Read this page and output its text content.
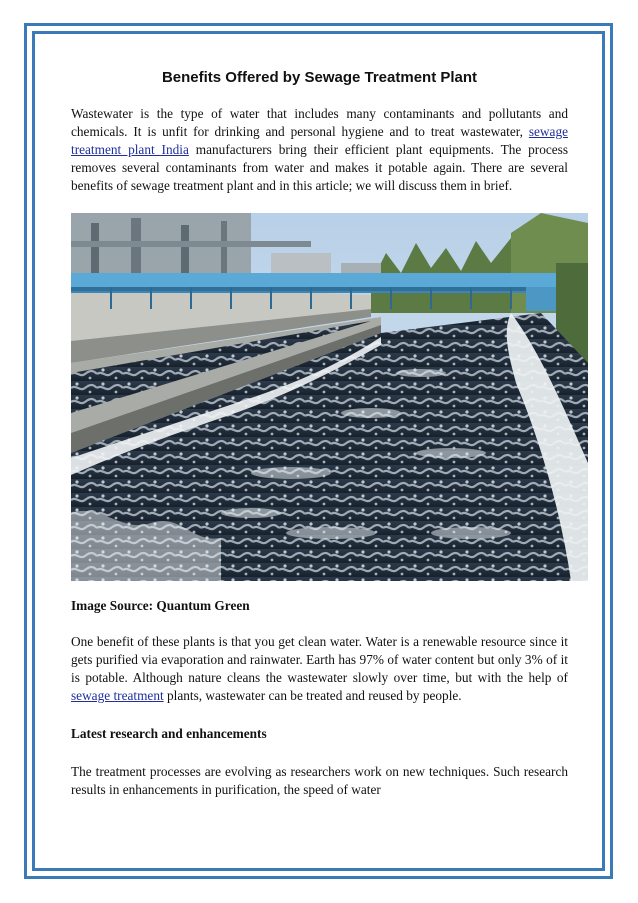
Benefits Offered by Sewage Treatment Plant

Wastewater is the type of water that includes many contaminants and pollutants and chemicals. It is unfit for drinking and personal hygiene and to treat wastewater, sewage treatment plant India manufacturers bring their efficient plant equipments. The process removes several contaminants from water and makes it potable again. There are several benefits of sewage treatment plant and in this article; we will discuss them in brief.

Image Source: Quantum Green

One benefit of these plants is that you get clean water. Water is a renewable resource since it gets purified via evaporation and rainwater. Earth has 97% of water content but only 3% of it is potable. Although nature cleans the wastewater slowly over time, but with the help of sewage treatment plants, wastewater can be treated and reused by people.

Latest research and enhancements

The treatment processes are evolving as researchers work on new techniques. Such research results in enhancements in purification, the speed of water
